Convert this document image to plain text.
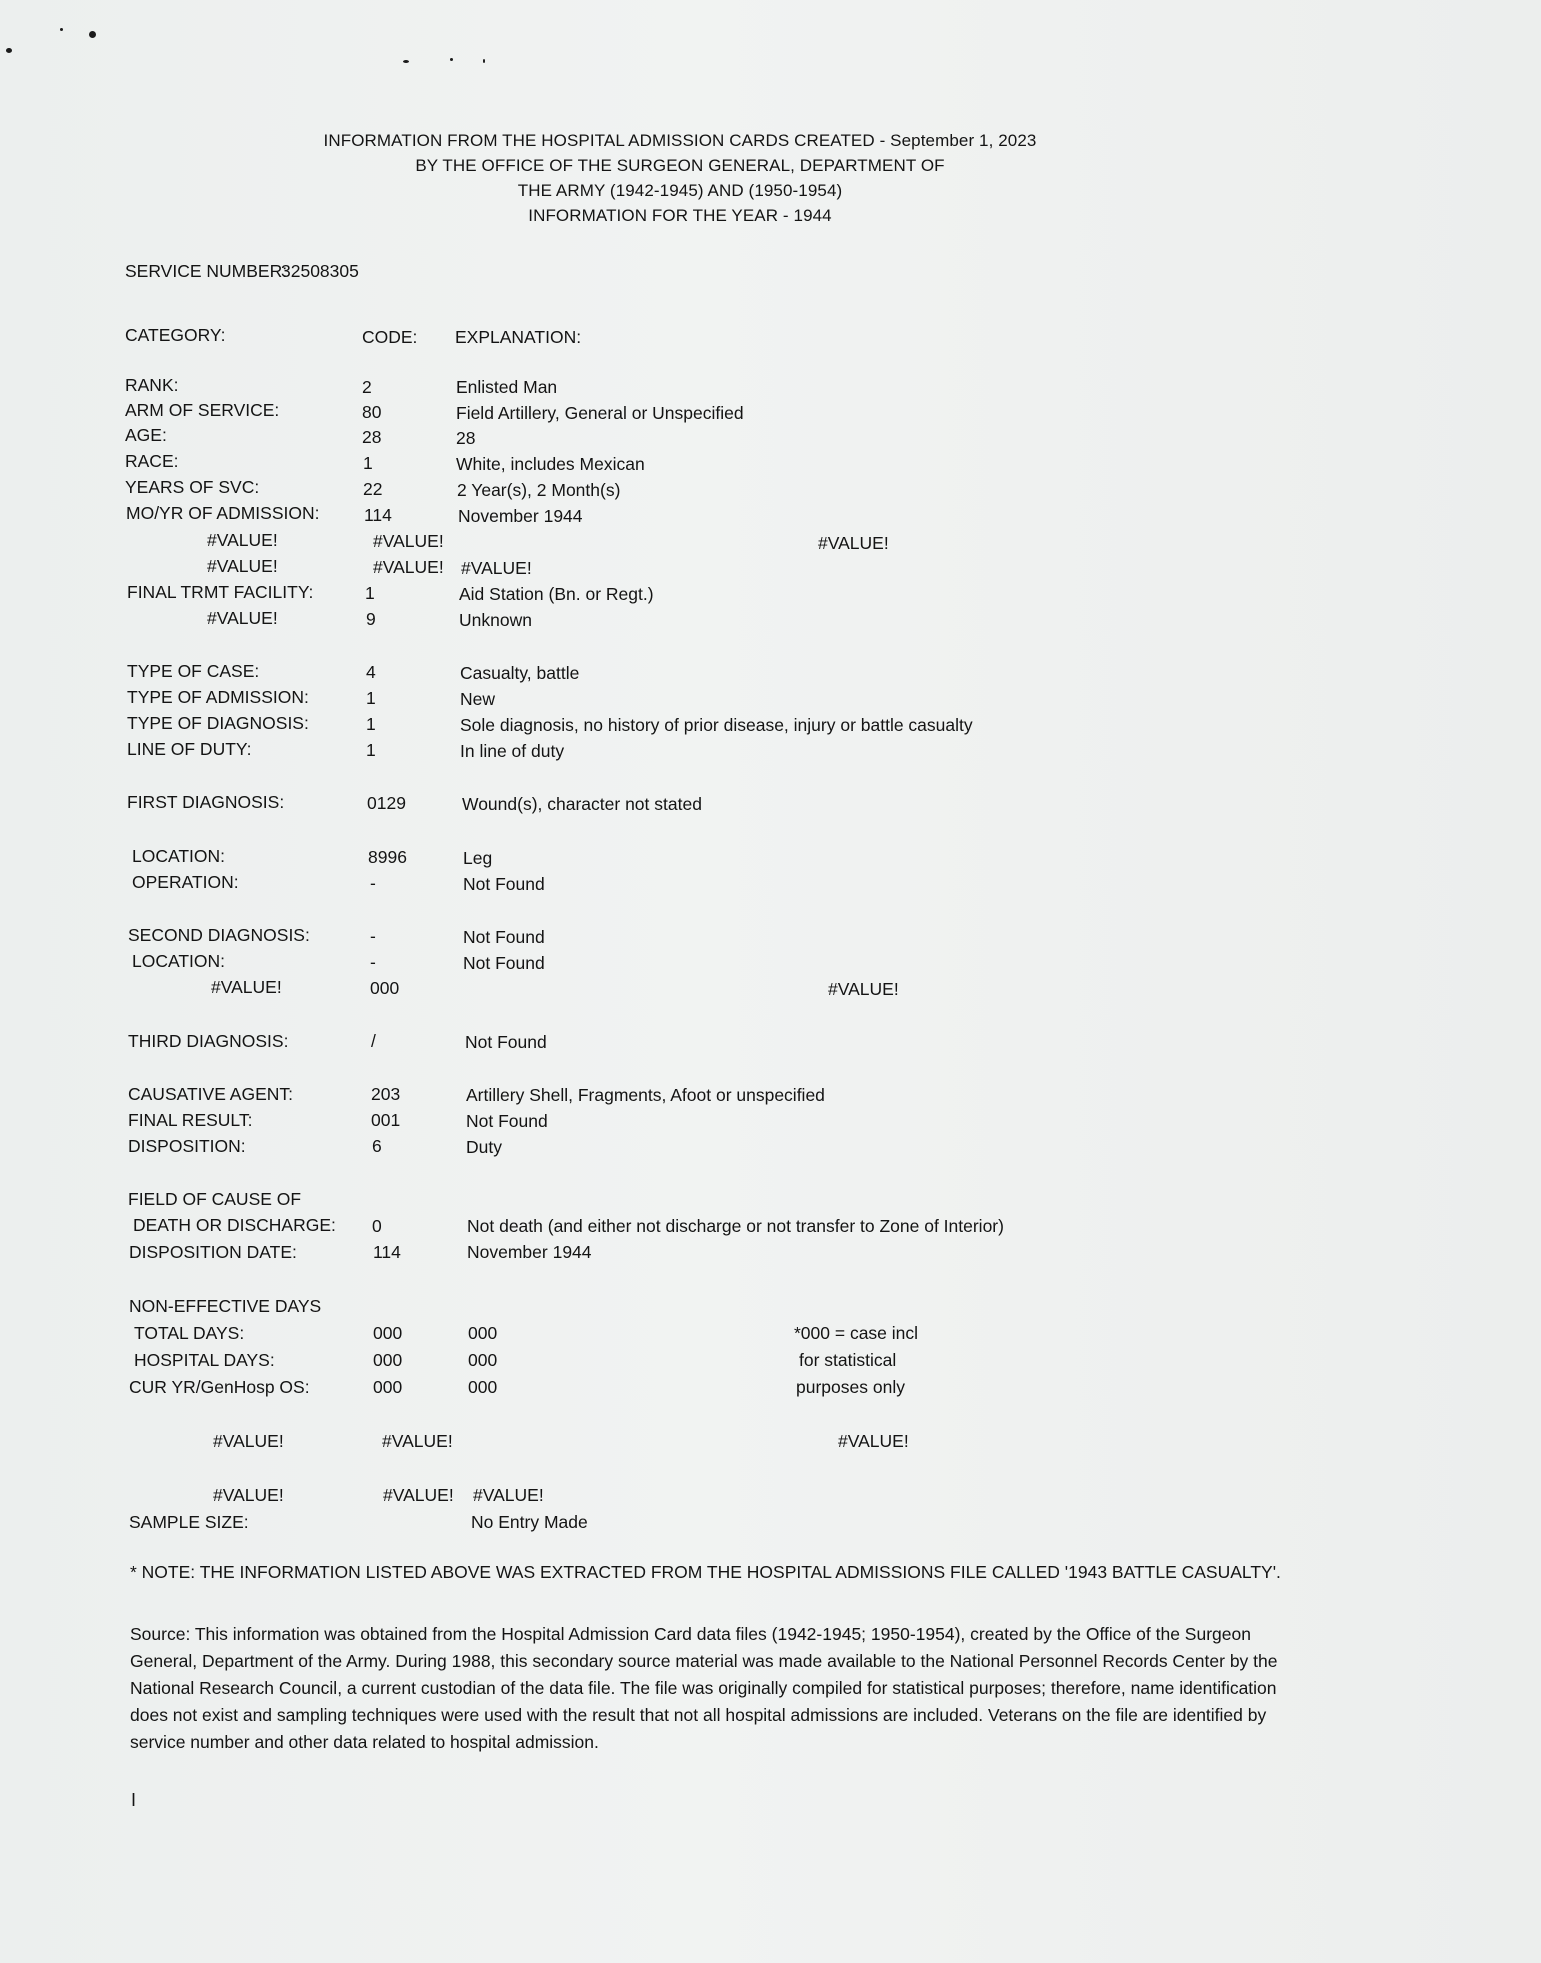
INFORMATION FROM THE HOSPITAL ADMISSION CARDS CREATED - September 1, 2023
BY THE OFFICE OF THE SURGEON GENERAL, DEPARTMENT OF
THE ARMY (1942-1945) AND (1950-1954)
INFORMATION FOR THE YEAR - 1944
SERVICE NUMBER:
32508305
CATEGORY:	CODE: EXPLANATION:
RANK:	2	Enlisted Man
ARM OF SERVICE:	80	Field Artillery, General or Unspecified
AGE:	28	28
RACE:	1	White, includes Mexican
YEARS OF SVC:	22	2 Year(s), 2 Month(s)
MO/YR OF ADMISSION:	114	November 1944
#VALUE!	#VALUE!	#VALUE!
#VALUE!	#VALUE! #VALUE!
FINAL TRMT FACILITY:	1	Aid Station (Bn. or Regt.)
#VALUE!	9	Unknown
TYPE OF CASE:	4	Casualty, battle
TYPE OF ADMISSION:	1	New
TYPE OF DIAGNOSIS:	1	Sole diagnosis, no history of prior disease, injury or battle casualty
LINE OF DUTY:	1	In line of duty
FIRST DIAGNOSIS:	0129	Wound(s), character not stated
LOCATION:	8996	Leg
OPERATION:	-	Not Found
SECOND DIAGNOSIS:	-	Not Found
LOCATION:	-	Not Found
#VALUE!	000	#VALUE!
THIRD DIAGNOSIS:	/	Not Found
CAUSATIVE AGENT:	203	Artillery Shell, Fragments, Afoot or unspecified
FINAL RESULT:	001	Not Found
DISPOSITION:	6	Duty
FIELD OF CAUSE OF
DEATH OR DISCHARGE: 0	Not death (and either not discharge or not transfer to Zone of Interior)
DISPOSITION DATE:	114	November 1944
NON-EFFECTIVE DAYS
TOTAL DAYS:	000	000	*000 = case incl
HOSPITAL DAYS:	000	000	for statistical
CUR YR/GenHosp OS:	000	000	purposes only
#VALUE!	#VALUE!	#VALUE!
#VALUE!	#VALUE! #VALUE!
SAMPLE SIZE:	No Entry Made
* NOTE: THE INFORMATION LISTED ABOVE WAS EXTRACTED FROM THE HOSPITAL ADMISSIONS FILE CALLED '1943 BATTLE CASUALTY'.
Source: This information was obtained from the Hospital Admission Card data files (1942-1945; 1950-1954), created by the Office of the Surgeon General, Department of the Army. During 1988, this secondary source material was made available to the National Personnel Records Center by the National Research Council, a current custodian of the data file. The file was originally compiled for statistical purposes; therefore, name identification does not exist and sampling techniques were used with the result that not all hospital admissions are included. Veterans on the file are identified by service number and other data related to hospital admission.
I
